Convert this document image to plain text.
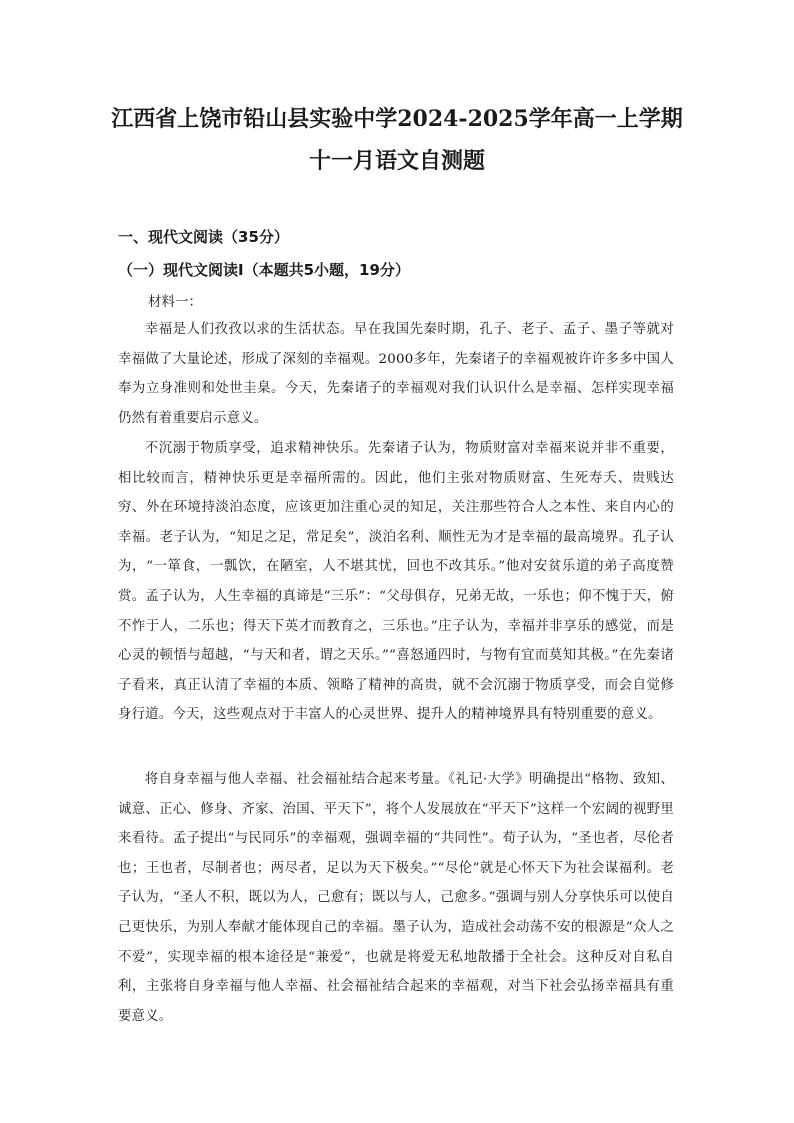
江西省上饶市铅山县实验中学2024-2025学年高一上学期
十一月语文自测题
一、现代文阅读（35分）
（一）现代文阅读Ⅰ（本题共5小题，19分）
材料一：

幸福是人们孜孜以求的生活状态。早在我国先秦时期，孔子、老子、孟子、墨子等就对幸福做了大量论述，形成了深刻的幸福观。2000多年，先秦诸子的幸福观被许许多多中国人奉为立身准则和处世圭臬。今天，先秦诸子的幸福观对我们认识什么是幸福、怎样实现幸福仍然有着重要启示意义。

不沉溺于物质享受，追求精神快乐。先秦诸子认为，物质财富对幸福来说并非不重要，相比较而言，精神快乐更是幸福所需的。因此，他们主张对物质财富、生死寿夭、贵贱达穷、外在环境持淡泊态度，应该更加注重心灵的知足，关注那些符合人之本性、来自内心的幸福。老子认为，“知足之足，常足矣”，淡泊名利、顺性无为才是幸福的最高境界。孔子认为，“一箪食，一瓢饮，在陋室，人不堪其忧，回也不改其乐。”他对安贫乐道的弟子高度赞赏。孟子认为，人生幸福的真谛是“三乐”：“父母俱存，兄弟无故，一乐也；仰不愧于天，俯不怍于人，二乐也；得天下英才而教育之，三乐也。”庄子认为，幸福并非享乐的感觉，而是心灵的顿悟与超越，“与天和者，谓之天乐。”“喜怒通四时，与物有宜而莫知其极。”在先秦诸子看来，真正认清了幸福的本质、领略了精神的高贵，就不会沉溺于物质享受，而会自觉修身行道。今天，这些观点对于丰富人的心灵世界、提升人的精神境界具有特别重要的意义。

将自身幸福与他人幸福、社会福祉结合起来考量。《礼记·大学》明确提出“格物、致知、诚意、正心、修身、齐家、治国、平天下”，将个人发展放在“平天下”这样一个宏阔的视野里来看待。孟子提出“与民同乐”的幸福观，强调幸福的“共同性”。荀子认为，“圣也者，尽伦者也；王也者，尽制者也；两尽者，足以为天下极矣。”“尽伦”就是心怀天下为社会谋福利。老子认为，“圣人不积，既以为人，己愈有；既以与人，己愈多。”强调与别人分享快乐可以使自己更快乐，为别人奉献才能体现自己的幸福。墨子认为，造成社会动荡不安的根源是“众人之不爱”，实现幸福的根本途径是“兼爱”，也就是将爱无私地散播于全社会。这种反对自私自利，主张将自身幸福与他人幸福、社会福祉结合起来的幸福观，对当下社会弘扬幸福具有重要意义。
